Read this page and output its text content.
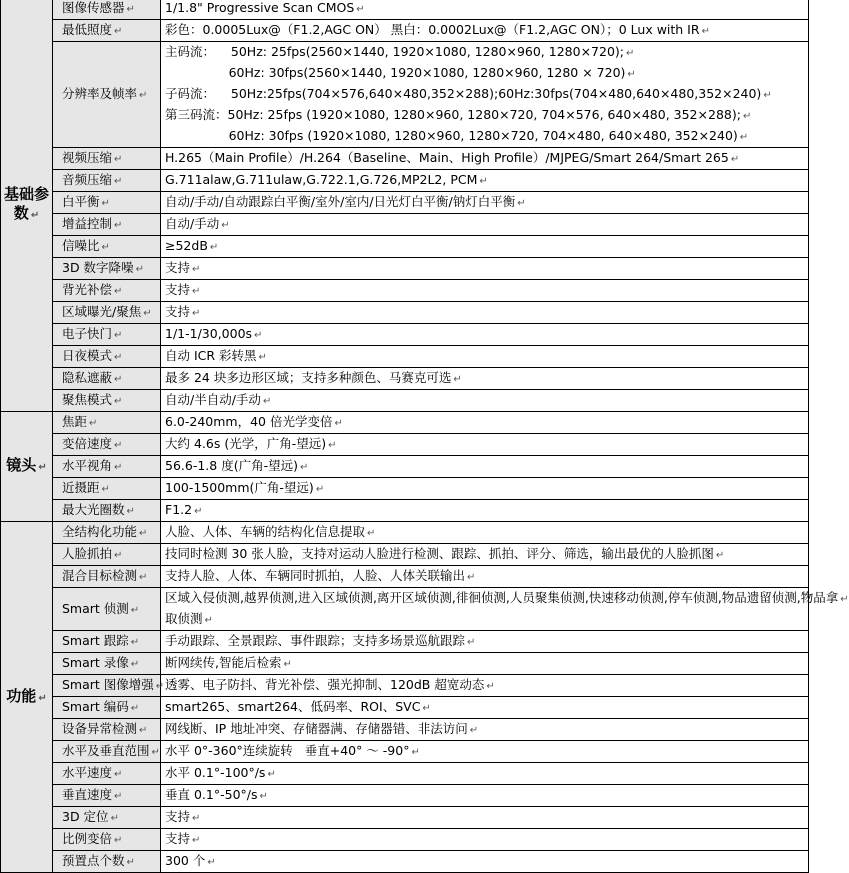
基础参数 ↵	图像传感器 ↵	1/1.8" Progressive Scan CMOS ↵

	最低照度 ↵	彩色：0.0005Lux@（F1.2,AGC ON） 黑白：0.0002Lux@（F1.2,AGC ON）；0 Lux with IR ↵

	分辨率及帧率 ↵	主码流：    50Hz: 25fps(2560×1440, 1920×1080, 1280×960, 1280×720); ↵
60Hz: 30fps(2560×1440, 1920×1080, 1280×960, 1280 × 720) ↵
子码流：    50Hz:25fps(704×576,640×480,352×288);60Hz:30fps(704×480,640×480,352×240) ↵
第三码流：50Hz: 25fps (1920×1080, 1280×960, 1280×720, 704×576, 640×480, 352×288); ↵
60Hz: 30fps (1920×1080, 1280×960, 1280×720, 704×480, 640×480, 352×240) ↵

	视频压缩 ↵	H.265（Main Profile）/H.264（Baseline、Main、High Profile）/MJPEG/Smart 264/Smart 265 ↵

	音频压缩 ↵	G.711alaw,G.711ulaw,G.722.1,G.726,MP2L2, PCM ↵

	白平衡 ↵	自动/手动/自动跟踪白平衡/室外/室内/日光灯白平衡/钠灯白平衡 ↵

	增益控制 ↵	自动/手动 ↵

	信噪比 ↵	≥52dB ↵

	3D 数字降噪 ↵	支持 ↵

	背光补偿 ↵	支持 ↵

	区域曝光/聚焦 ↵	支持 ↵

	电子快门 ↵	1/1-1/30,000s ↵

	日夜模式 ↵	自动 ICR 彩转黑 ↵

	隐私遮蔽 ↵	最多 24 块多边形区域；支持多种颜色、马赛克可选 ↵

	聚焦模式 ↵	自动/半自动/手动 ↵

镜头 ↵	焦距 ↵	6.0-240mm，40 倍光学变倍 ↵

	变倍速度 ↵	大约 4.6s (光学，广角-望远) ↵

	水平视角 ↵	56.6-1.8 度(广角-望远) ↵

	近摄距 ↵	100-1500mm(广角-望远) ↵

	最大光圈数 ↵	F1.2 ↵

功能 ↵	全结构化功能 ↵	人脸、人体、车辆的结构化信息提取 ↵

	人脸抓拍 ↵	技同时检测 30 张人脸，支持对运动人脸进行检测、跟踪、抓拍、评分、筛选，输出最优的人脸抓图 ↵

	混合目标检测 ↵	支持人脸、人体、车辆同时抓拍，人脸、人体关联输出 ↵

	Smart 侦测 ↵	区域入侵侦测,越界侦测,进入区域侦测,离开区域侦测,徘徊侦测,人员聚集侦测,快速移动侦测,停车侦测,物品遗留侦测,物品拿 ↵
取侦测 ↵

	Smart 跟踪 ↵	手动跟踪、全景跟踪、事件跟踪；支持多场景巡航跟踪 ↵

	Smart 录像 ↵	断网续传,智能后检索 ↵

	Smart 图像增强 ↵	透雾、电子防抖、背光补偿、强光抑制、120dB 超宽动态 ↵

	Smart 编码 ↵	smart265、smart264、低码率、ROI、SVC ↵

	设备异常检测 ↵	网线断、IP 地址冲突、存储器满、存储器错、非法访问 ↵

	水平及垂直范围 ↵	水平 0°-360°连续旋转   垂直+40° ～ -90° ↵

	水平速度 ↵	水平 0.1°-100°/s ↵

	垂直速度 ↵	垂直 0.1°-50°/s ↵

	3D 定位 ↵	支持 ↵

	比例变倍 ↵	支持 ↵

	预置点个数 ↵	300 个 ↵
